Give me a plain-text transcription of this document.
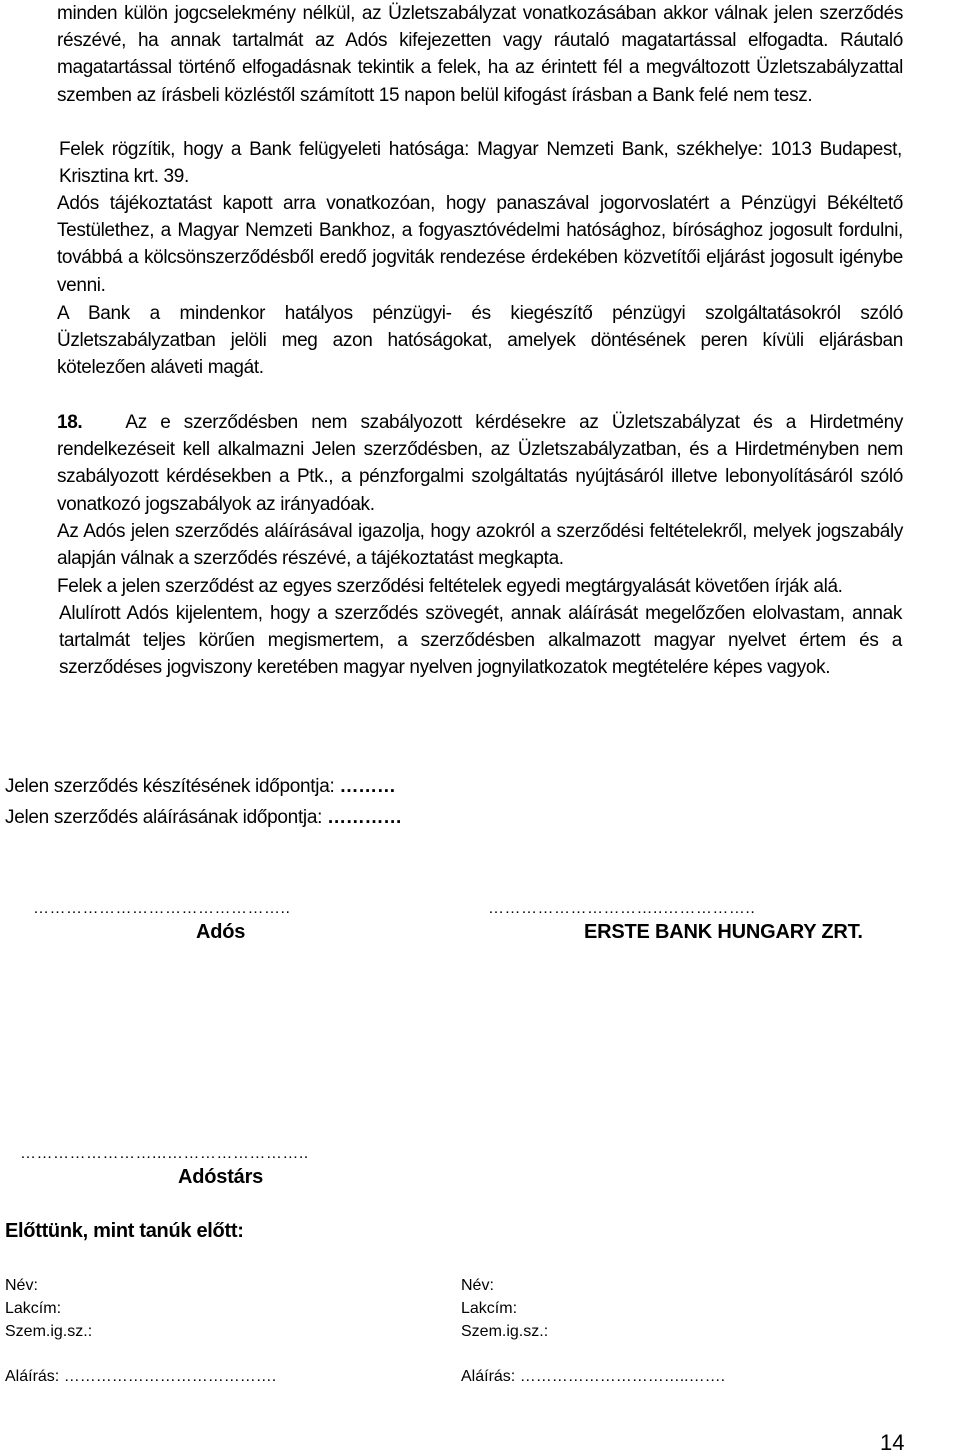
minden külön jogcselekmény nélkül, az Üzletszabályzat vonatkozásában akkor válnak jelen szerződés részévé, ha annak tartalmát az Adós kifejezetten vagy ráutaló magatartással elfogadta. Ráutaló magatartással történő elfogadásnak tekintik a felek, ha az érintett fél a megváltozott Üzletszabályzattal szemben az írásbeli közléstől számított 15 napon belül kifogást írásban a Bank felé nem tesz.

Felek rögzítik, hogy a Bank felügyeleti hatósága: Magyar Nemzeti Bank, székhelye: 1013 Budapest, Krisztina krt. 39.

Adós tájékoztatást kapott arra vonatkozóan, hogy panaszával jogorvoslatért a Pénzügyi Békéltető Testülethez, a Magyar Nemzeti Bankhoz, a fogyasztóvédelmi hatósághoz, bírósághoz jogosult fordulni, továbbá a kölcsönszerződésből eredő jogviták rendezése érdekében közvetítői eljárást jogosult igénybe venni.

A Bank a mindenkor hatályos pénzügyi- és kiegészítő pénzügyi szolgáltatásokról szóló Üzletszabályzatban jelöli meg azon hatóságokat, amelyek döntésének peren kívüli eljárásban kötelezően aláveti magát.

18. Az e szerződésben nem szabályozott kérdésekre az Üzletszabályzat és a Hirdetmény rendelkezéseit kell alkalmazni Jelen szerződésben, az Üzletszabályzatban, és a Hirdetményben nem szabályozott kérdésekben a Ptk., a pénzforgalmi szolgáltatás nyújtásáról illetve lebonyolításáról szóló vonatkozó jogszabályok az irányadóak.

Az Adós jelen szerződés aláírásával igazolja, hogy azokról a szerződési feltételekről, melyek jogszabály alapján válnak a szerződés részévé, a tájékoztatást megkapta.

Felek a jelen szerződést az egyes szerződési feltételek egyedi megtárgyalását követően írják alá.

Alulírott Adós kijelentem, hogy a szerződés szövegét, annak aláírását megelőzően elolvastam, annak tartalmát teljes körűen megismertem, a szerződésben alkalmazott magyar nyelvet értem és a szerződéses jogviszony keretében magyar nyelven jognyilatkozatok megtételére képes vagyok.

Jelen szerződés készítésének időpontja: ………
Jelen szerződés aláírásának időpontja: …………
………………………………………..
Adós
…………………………..……………..
ERSTE BANK HUNGARY ZRT.
……………………...……………………..
Adóstárs
Előttünk, mint tanúk előtt:
Név:
Lakcím:
Szem.ig.sz.:
Aláírás: ………………………………….
Név:
Lakcím:
Szem.ig.sz.:
Aláírás: …………………………..…….
14
